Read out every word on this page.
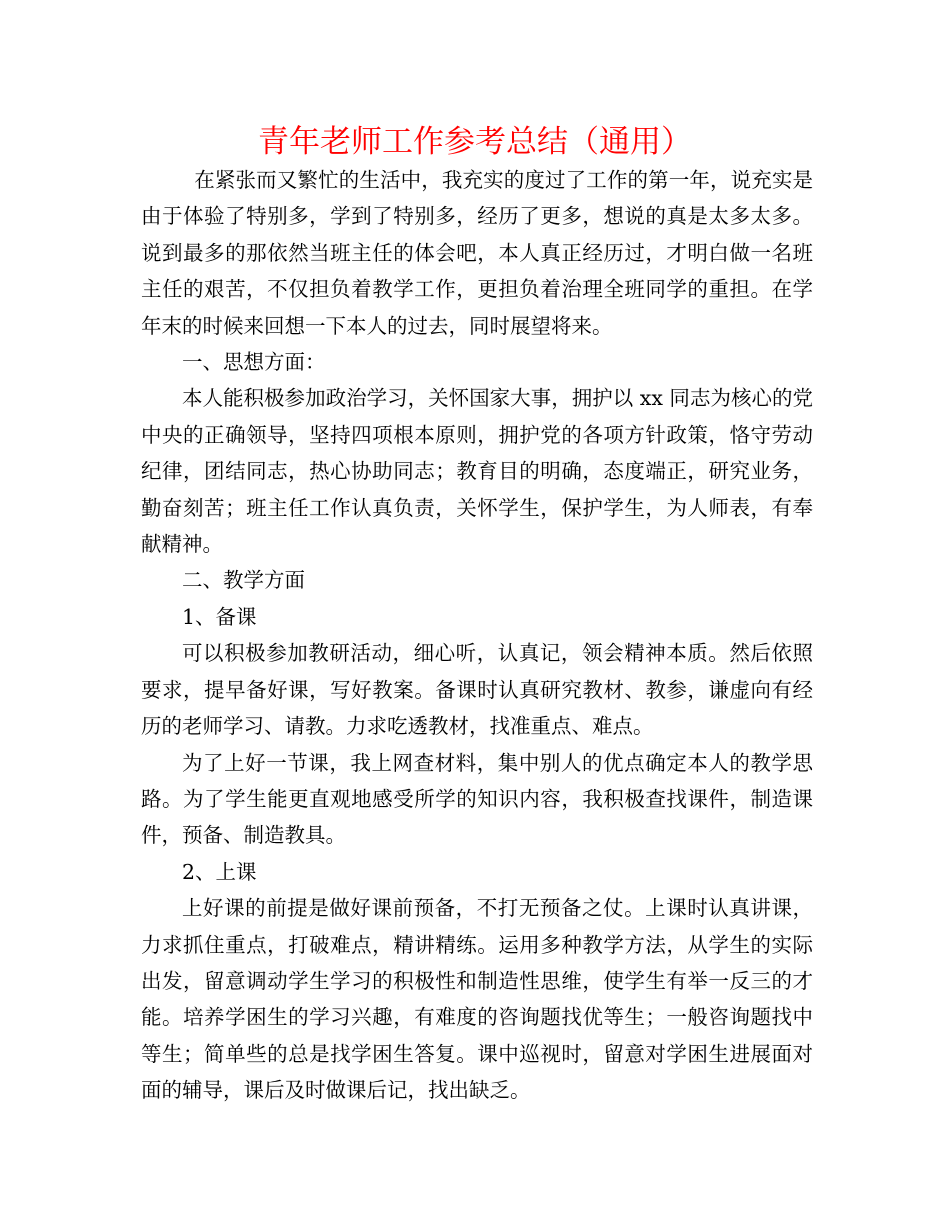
青年老师工作参考总结（通用）

在紧张而又繁忙的生活中，我充实的度过了工作的第一年，说充实是由于体验了特别多，学到了特别多，经历了更多，想说的真是太多太多。说到最多的那依然当班主任的体会吧，本人真正经历过，才明白做一名班主任的艰苦，不仅担负着教学工作，更担负着治理全班同学的重担。在学年末的时候来回想一下本人的过去，同时展望将来。

一、思想方面：

本人能积极参加政治学习，关怀国家大事，拥护以 xx 同志为核心的党中央的正确领导，坚持四项根本原则，拥护党的各项方针政策，恪守劳动纪律，团结同志，热心协助同志；教育目的明确，态度端正，研究业务，勤奋刻苦；班主任工作认真负责，关怀学生，保护学生，为人师表，有奉献精神。

二、教学方面

1、备课

可以积极参加教研活动，细心听，认真记，领会精神本质。然后依照要求，提早备好课，写好教案。备课时认真研究教材、教参，谦虚向有经历的老师学习、请教。力求吃透教材，找准重点、难点。

为了上好一节课，我上网查材料，集中别人的优点确定本人的教学思路。为了学生能更直观地感受所学的知识内容，我积极查找课件，制造课件，预备、制造教具。

2、上课

上好课的前提是做好课前预备，不打无预备之仗。上课时认真讲课，力求抓住重点，打破难点，精讲精练。运用多种教学方法，从学生的实际出发，留意调动学生学习的积极性和制造性思维，使学生有举一反三的才能。培养学困生的学习兴趣，有难度的咨询题找优等生；一般咨询题找中等生；简单些的总是找学困生答复。课中巡视时，留意对学困生进展面对面的辅导，课后及时做课后记，找出缺乏。
